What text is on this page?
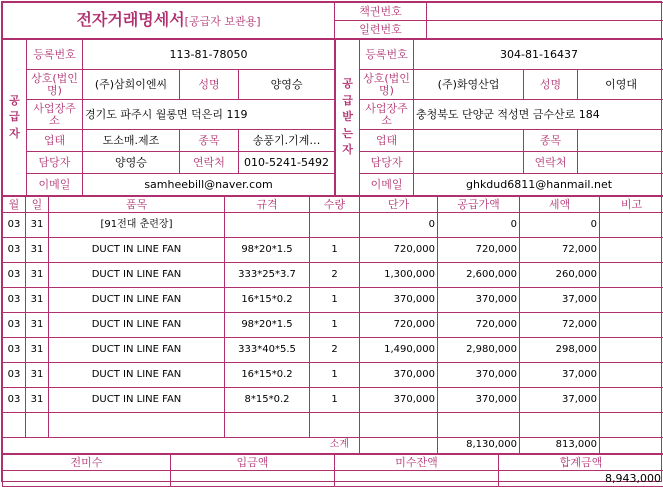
전자거래명세서[공급자 보관용]	책권번호	
	일련번호	
공
급
자	등록번호	113-81-78050		
	상호(법인명)	(주)삼희이엔씨	성명	양영승
	사업장주소	경기도 파주시 월롱면 덕은리 119		
	업태	도소매.제조	종목	송풍기.기계…
	담당자	양영승	연락처	010-5241-5492
	이메일	samheebill@naver.com		
공
급
받
는
자	등록번호	304-81-16437		
	상호(법인명)	(주)화영산업	성명	이영대
	사업장주소	충청북도 단양군 적성면 금수산로 184		
	업태		종목	
	담당자		연락처	
	이메일	ghkdud6811@hanmail.net		
월	일	품목	규격	수량	단가	공급가액	세액	비고
03	31	[91전대 춘련장]			0	0	0	
03	31	DUCT IN LINE FAN	98*20*1.5	1	720,000	720,000	72,000	
03	31	DUCT IN LINE FAN	333*25*3.7	2	1,300,000	2,600,000	260,000	
03	31	DUCT IN LINE FAN	16*15*0.2	1	370,000	370,000	37,000	
03	31	DUCT IN LINE FAN	98*20*1.5	1	720,000	720,000	72,000	
03	31	DUCT IN LINE FAN	333*40*5.5	2	1,490,000	2,980,000	298,000	
03	31	DUCT IN LINE FAN	16*15*0.2	1	370,000	370,000	37,000	
03	31	DUCT IN LINE FAN	8*15*0.2	1	370,000	370,000	37,000	

소계						8,130,000	813,000	
전미수	입금액	미수잔액	합계금액
			8,943,000
